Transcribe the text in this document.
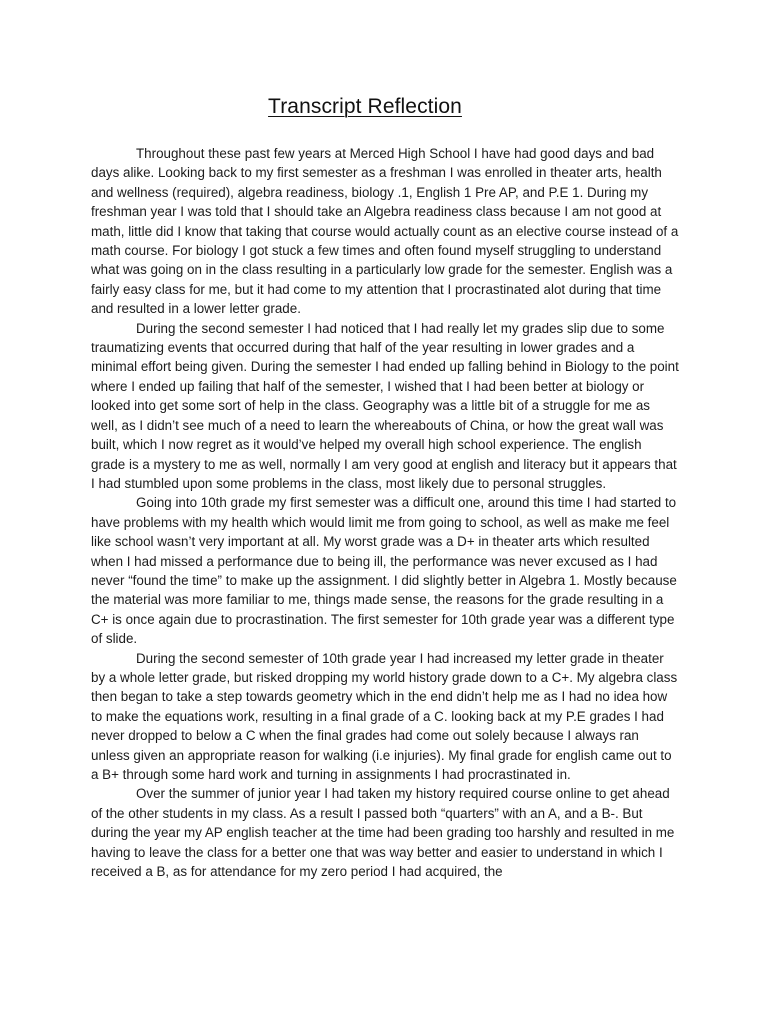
Transcript Reflection

Throughout these past few years at Merced High School I have had good days and bad days alike. Looking back to my first semester as a freshman I was enrolled in theater arts, health and wellness (required), algebra readiness, biology .1, English 1 Pre AP, and P.E 1. During my freshman year I was told that I should take an Algebra readiness class because I am not good at math, little did I know that taking that course would actually count as an elective course instead of a math course. For biology I got stuck a few times and often found myself struggling to understand what was going on in the class resulting in a particularly low grade for the semester. English was a fairly easy class for me, but it had come to my attention that I procrastinated alot during that time and resulted in a lower letter grade.

During the second semester I had noticed that I had really let my grades slip due to some traumatizing events that occurred during that half of the year resulting in lower grades and a minimal effort being given. During the semester I had ended up falling behind in Biology to the point where I ended up failing that half of the semester, I wished that I had been better at biology or looked into get some sort of help in the class. Geography was a little bit of a struggle for me as well, as I didn’t see much of a need to learn the whereabouts of China, or how the great wall was built, which I now regret as it would’ve helped my overall high school experience. The english grade is a mystery to me as well, normally I am very good at english and literacy but it appears that I had stumbled upon some problems in the class, most likely due to personal struggles.

Going into 10th grade my first semester was a difficult one, around this time I had started to have problems with my health which would limit me from going to school, as well as make me feel like school wasn’t very important at all. My worst grade was a D+ in theater arts which resulted when I had missed a performance due to being ill, the performance was never excused as I had never “found the time” to make up the assignment. I did slightly better in Algebra 1. Mostly because the material was more familiar to me, things made sense, the reasons for the grade resulting in a C+ is once again due to procrastination. The first semester for 10th grade year was a different type of slide.

During the second semester of 10th grade year I had increased my letter grade in theater by a whole letter grade, but risked dropping my world history grade down to a C+. My algebra class then began to take a step towards geometry which in the end didn’t help me as I had no idea how to make the equations work, resulting in a final grade of a C. looking back at my P.E grades I had never dropped to below a C when the final grades had come out solely because I always ran unless given an appropriate reason for walking (i.e injuries). My final grade for english came out to a B+ through some hard work and turning in assignments I had procrastinated in.

Over the summer of junior year I had taken my history required course online to get ahead of the other students in my class. As a result I passed both “quarters” with an A, and a B-. But during the year my AP english teacher at the time had been grading too harshly and resulted in me having to leave the class for a better one that was way better and easier to understand in which I received a B, as for attendance for my zero period I had acquired, the
